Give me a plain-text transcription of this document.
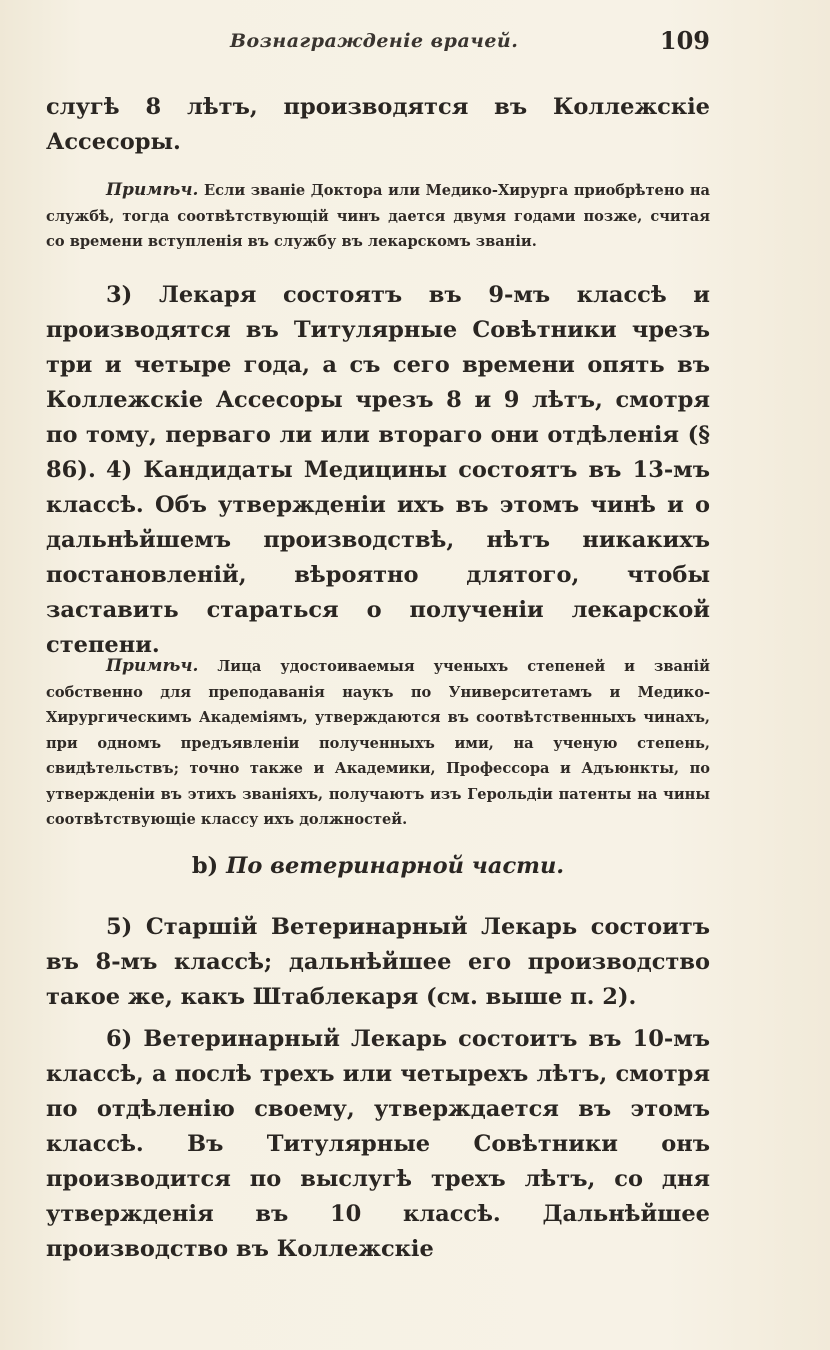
Вознагражденіе врачей.	109

слугѣ 8 лѣтъ, производятся въ Коллежскіе Ассесоры.

Примѣч. Если званіе Доктора или Медико-Хирурга приобрѣтено на службѣ, тогда соотвѣтствующій чинъ дается двумя годами позже, считая со времени вступленія въ службу въ лекарскомъ званіи.

3) Лекаря состоятъ въ 9-мъ классѣ и производятся въ Титулярные Совѣтники чрезъ три и четыре года, а съ сего времени опять въ Коллежскіе Ассесоры чрезъ 8 и 9 лѣтъ, смотря по тому, перваго ли или втораго они отдѣленія (§ 86). 4) Кандидаты Медицины состоятъ въ 13-мъ классѣ. Объ утвержденіи ихъ въ этомъ чинѣ и о дальнѣйшемъ производствѣ, нѣтъ никакихъ постановленій, вѣроятно длятого, чтобы заставить стараться о полученіи лекарской степени.

Примѣч. Лица удостоиваемыя ученыхъ степеней и званій собственно для преподаванія наукъ по Университетамъ и Медико-Хирургическимъ Академіямъ, утверждаются въ соотвѣтственныхъ чинахъ, при одномъ предъявленіи полученныхъ ими, на ученую степень, свидѣтельствъ; точно также и Академики, Профессора и Адъюнкты, по утвержденіи въ этихъ званіяхъ, получаютъ изъ Герольдіи патенты на чины соотвѣтствующіе классу ихъ должностей.
b) По ветеринарной части.

5) Старшій Ветеринарный Лекарь состоитъ въ 8-мъ классѣ; дальнѣйшее его производство такое же, какъ Штаблекаря (см. выше п. 2).

6) Ветеринарный Лекарь состоитъ въ 10-мъ классѣ, а послѣ трехъ или четырехъ лѣтъ, смотря по отдѣленію своему, утверждается въ этомъ классѣ. Въ Титулярные Совѣтники онъ производится по выслугѣ трехъ лѣтъ, со дня утвержденія въ 10 классѣ. Дальнѣйшее производство въ Коллежскіе
